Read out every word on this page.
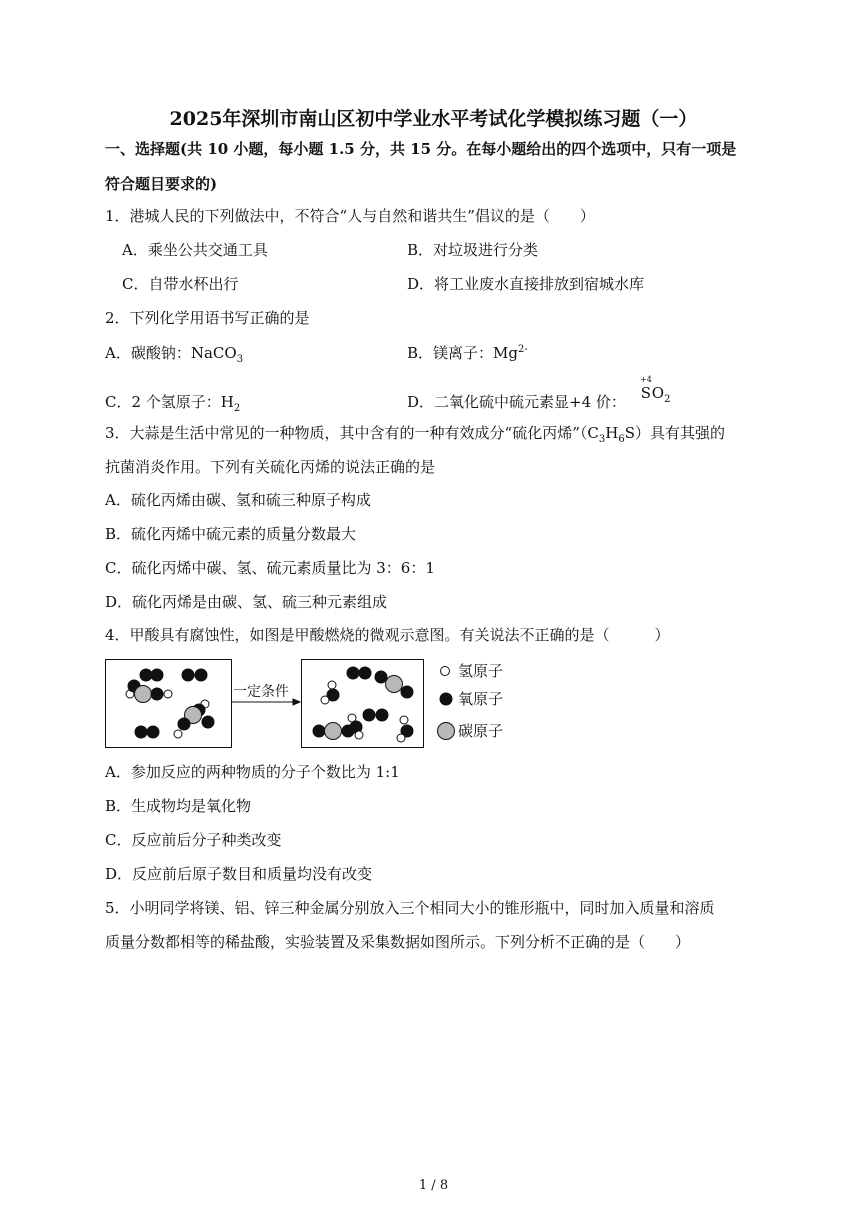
2025年深圳市南山区初中学业水平考试化学模拟练习题（一）
一、选择题(共 10 小题，每小题 1.5 分，共 15 分。在每小题给出的四个选项中，只有一项是
符合题目要求的)
1．港城人民的下列做法中，不符合“人与自然和谐共生”倡议的是（　　）
A．乘坐公共交通工具	B．对垃圾进行分类
C．自带水杯出行	D．将工业废水直接排放到宿城水库
2．下列化学用语书写正确的是
A．碳酸钠：NaCO$_3$	B．镁离子：$Mg^{2-}$
C．2 个氢原子：$H_2$	D．二氧化硫中硫元素显+4 价：
+4
$SO_2$
3．大蒜是生活中常见的一种物质，其中含有的一种有效成分“硫化丙烯$”(C_3H_6S)$具有其强的
抗菌消炎作用。下列有关硫化丙烯的说法正确的是
A．硫化丙烯由碳、氢和硫三种原子构成
B．硫化丙烯中硫元素的质量分数最大
C．硫化丙烯中碳、氢、硫元素质量比为 3：6：1
D．硫化丙烯是由碳、氢、硫三种元素组成
4．甲酸具有腐蚀性，如图是甲酸燃烧的微观示意图。有关说法不正确的是（　　　）
一定条件
氢原子
氧原子
碳原子
A．参加反应的两种物质的分子个数比为 1:1
B．生成物均是氧化物
C．反应前后分子种类改变
D．反应前后原子数目和质量均没有改变
5．小明同学将镁、铝、锌三种金属分别放入三个相同大小的锥形瓶中，同时加入质量和溶质
质量分数都相等的稀盐酸，实验装置及采集数据如图所示。下列分析不正确的是（　　）
1 / 8
